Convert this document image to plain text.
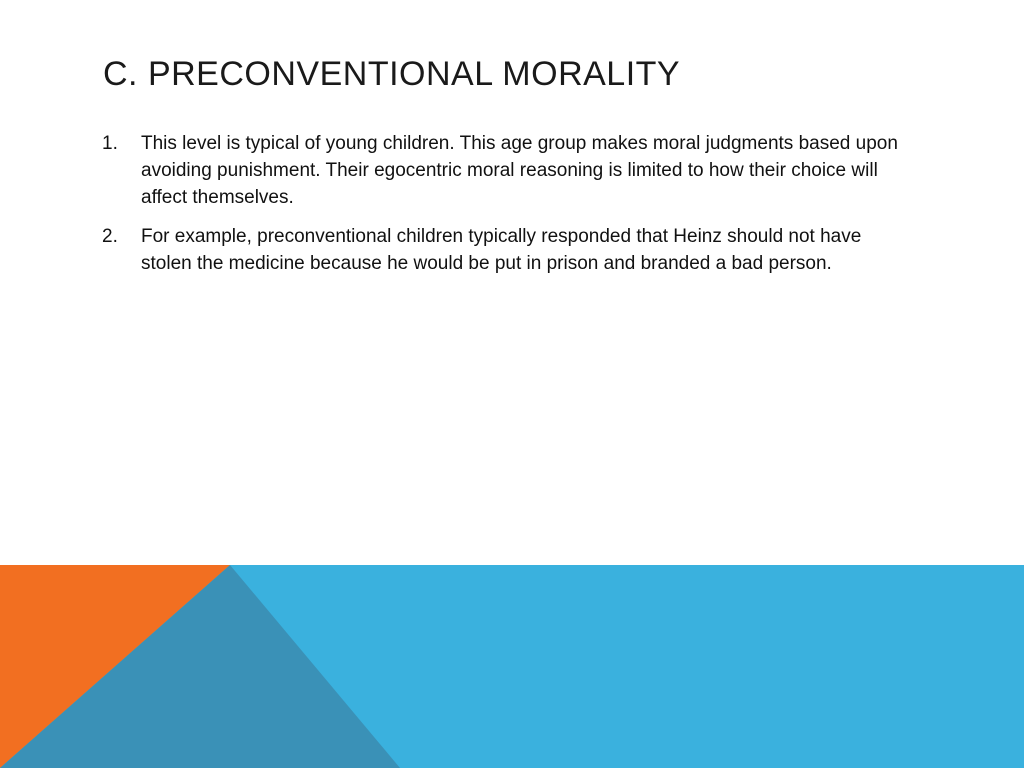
C. PRECONVENTIONAL MORALITY
1.	This level is typical of young children. This age group makes moral judgments based upon avoiding punishment. Their egocentric moral reasoning is limited to how their choice will affect themselves.
2.	For example, preconventional children typically responded that Heinz should not have stolen the medicine because he would be put in prison and branded a bad person.
